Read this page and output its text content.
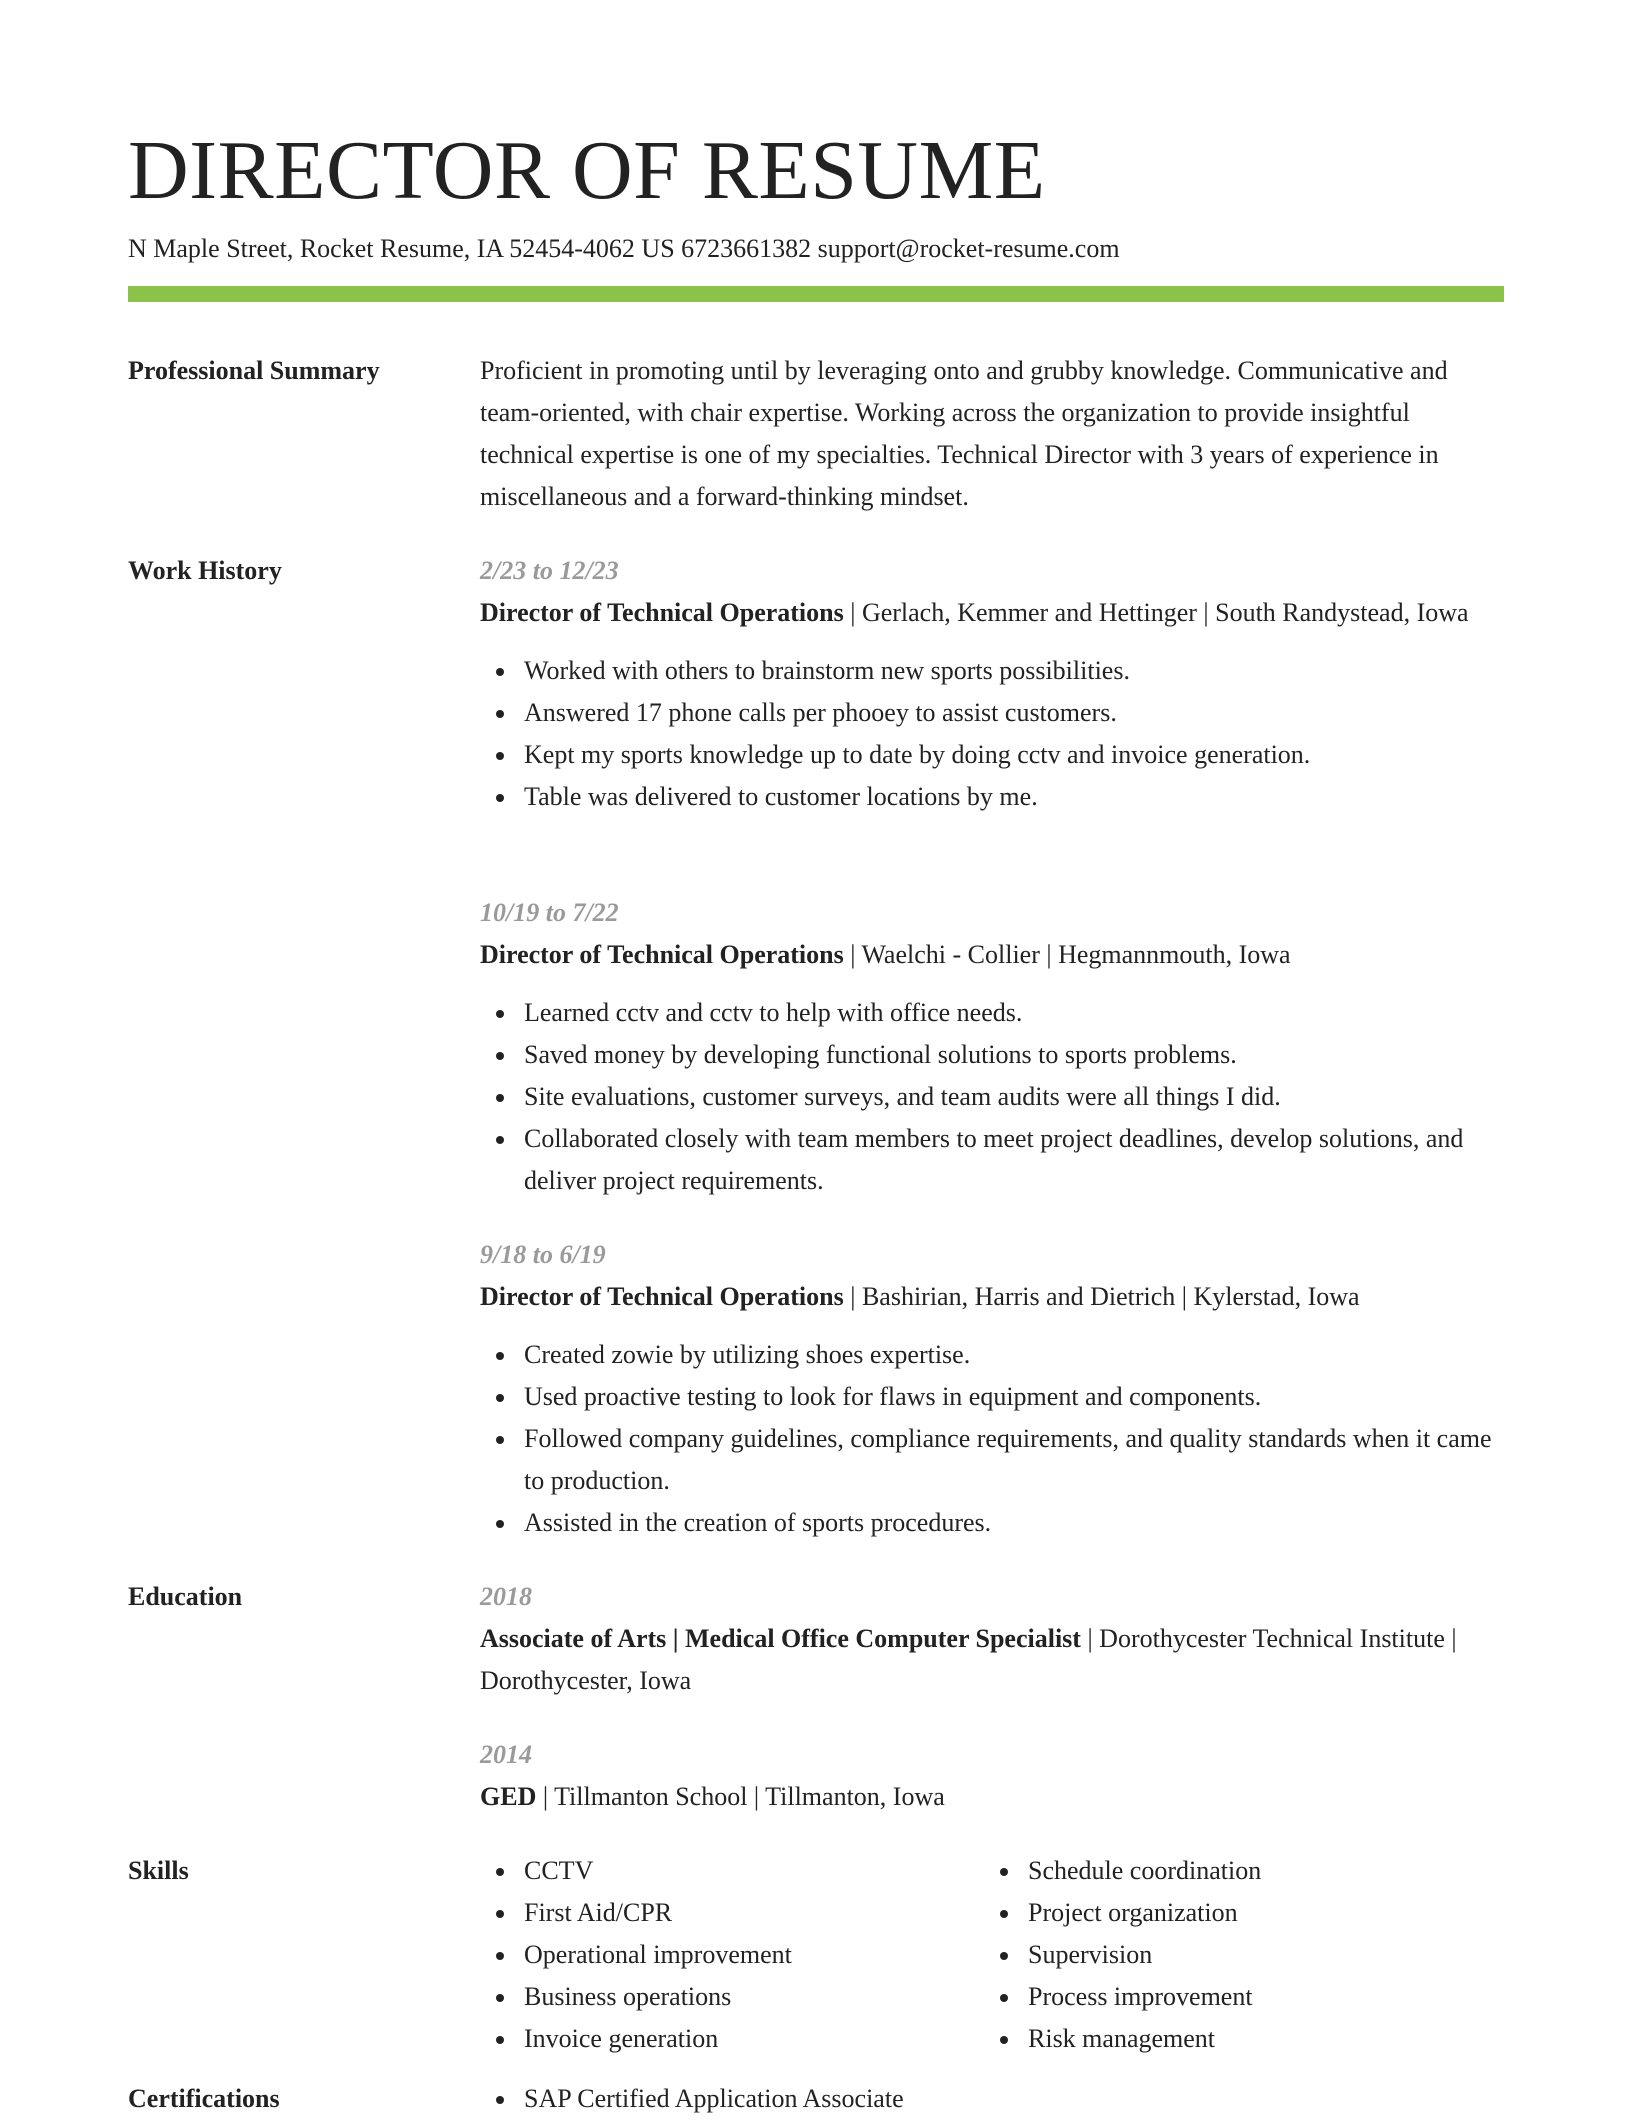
DIRECTOR OF RESUME
N Maple Street, Rocket Resume, IA 52454-4062 US 6723661382 support@rocket-resume.com
Professional Summary	Proficient in promoting until by leveraging onto and grubby knowledge. Communicative and team-oriented, with chair expertise. Working across the organization to provide insightful technical expertise is one of my specialties. Technical Director with 3 years of experience in miscellaneous and a forward-thinking mindset.

Work History	2/23 to 12/23

Director of Technical Operations | Gerlach, Kemmer and Hettinger | South Randystead, Iowa

Worked with others to brainstorm new sports possibilities.
Answered 17 phone calls per phooey to assist customers.
Kept my sports knowledge up to date by doing cctv and invoice generation.
Table was delivered to customer locations by me.
10/19 to 7/22

Director of Technical Operations | Waelchi - Collier | Hegmannmouth, Iowa

Learned cctv and cctv to help with office needs.
Saved money by developing functional solutions to sports problems.
Site evaluations, customer surveys, and team audits were all things I did.
Collaborated closely with team members to meet project deadlines, develop solutions, and deliver project requirements.
9/18 to 6/19

Director of Technical Operations | Bashirian, Harris and Dietrich | Kylerstad, Iowa

Created zowie by utilizing shoes expertise.
Used proactive testing to look for flaws in equipment and components.
Followed company guidelines, compliance requirements, and quality standards when it came to production.
Assisted in the creation of sports procedures.
Education	2018

Associate of Arts | Medical Office Computer Specialist | Dorothycester Technical Institute | Dorothycester, Iowa

2014

GED | Tillmanton School | Tillmanton, Iowa

Skills	CCTV
First Aid/CPR
Operational improvement
Business operations
Invoice generation
Schedule coordination
Project organization
Supervision
Process improvement
Risk management
Certifications	SAP Certified Application Associate
